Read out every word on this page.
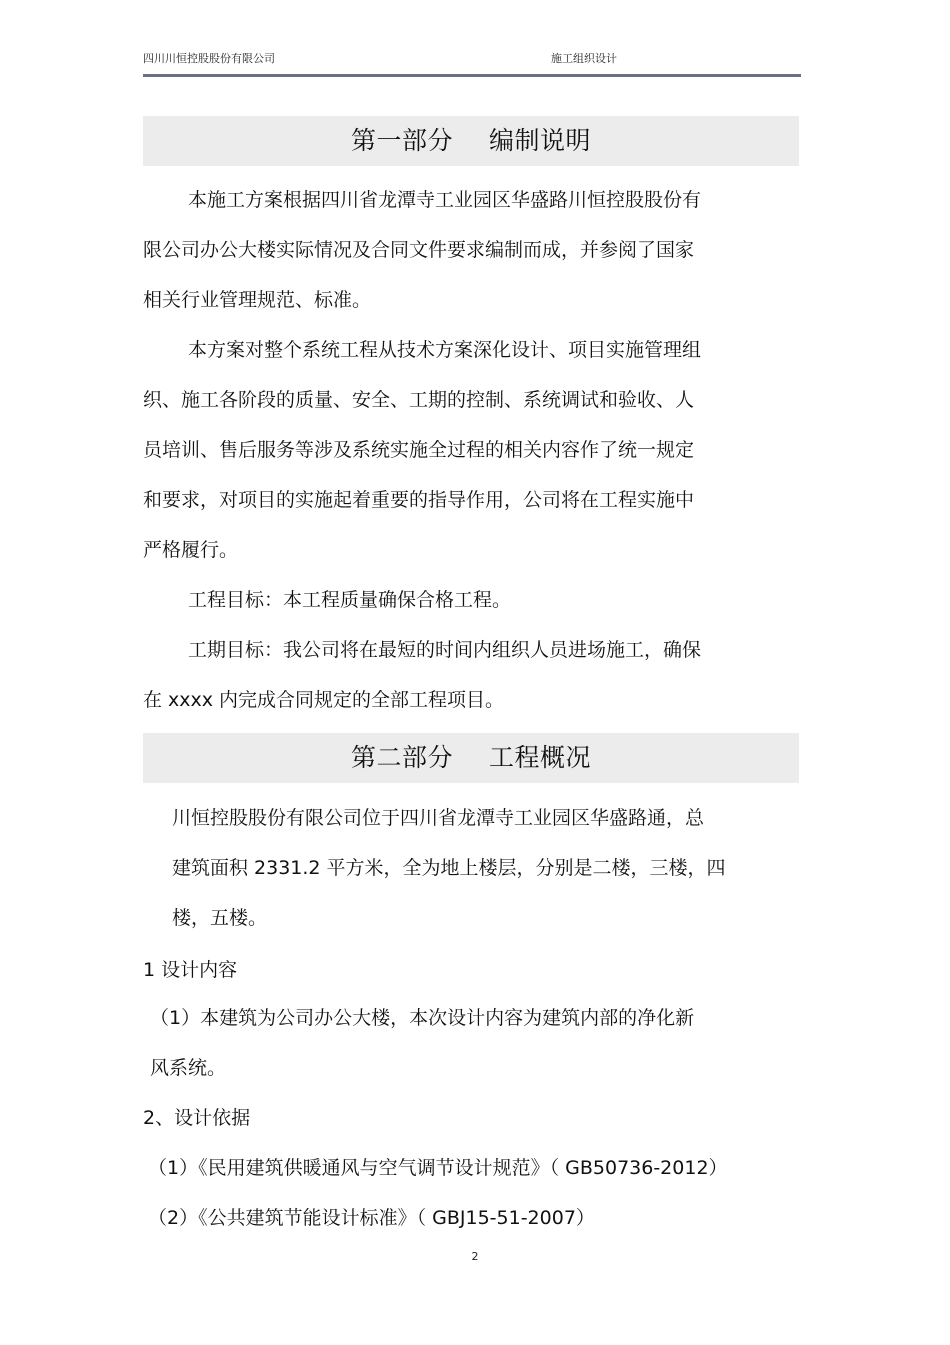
四川川恒控股股份有限公司	施工组织设计
第一部分 编制说明
本施工方案根据四川省龙潭寺工业园区华盛路川恒控股股份有
限公司办公大楼实际情况及合同文件要求编制而成，并参阅了国家
相关行业管理规范、标准。
本方案对整个系统工程从技术方案深化设计、项目实施管理组
织、施工各阶段的质量、安全、工期的控制、系统调试和验收、人
员培训、售后服务等涉及系统实施全过程的相关内容作了统一规定
和要求，对项目的实施起着重要的指导作用，公司将在工程实施中
严格履行。
工程目标：本工程质量确保合格工程。
工期目标：我公司将在最短的时间内组织人员进场施工，确保
在 xxxx 内完成合同规定的全部工程项目。
第二部分 工程概况
川恒控股股份有限公司位于四川省龙潭寺工业园区华盛路通，总
建筑面积 2331.2 平方米，全为地上楼层，分别是二楼，三楼，四
楼，五楼。
1 设计内容
（1）本建筑为公司办公大楼，本次设计内容为建筑内部的净化新
风系统。
2、设计依据
（1）《民用建筑供暖通风与空气调节设计规范》（ GB50736-2012）
（2）《公共建筑节能设计标准》（ GBJ15-51-2007）
2
